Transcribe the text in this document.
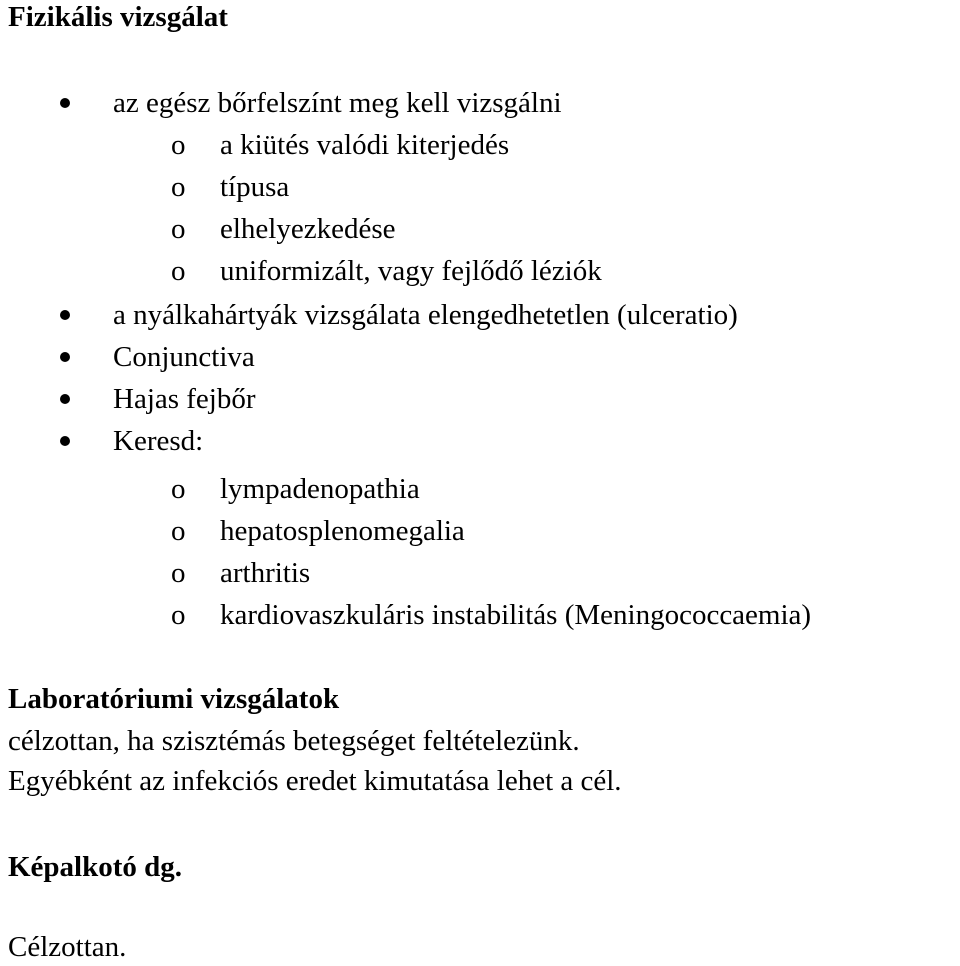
Fizikális vizsgálat
az egész bőrfelszínt meg kell vizsgálni
o a kiütés valódi kiterjedés
o típusa
o elhelyezkedése
o uniformizált, vagy fejlődő léziók
a nyálkahártyák vizsgálata elengedhetetlen (ulceratio)
Conjunctiva
Hajas fejbőr
Keresd:
o lympadenopathia
o hepatosplenomegalia
o arthritis
o kardiovaszkuláris instabilitás (Meningococcaemia)
Laboratóriumi vizsgálatok
célzottan, ha szisztémás betegséget feltételezünk.
Egyébként az infekciós eredet kimutatása lehet a cél.
Képalkotó dg.
Célzottan.
